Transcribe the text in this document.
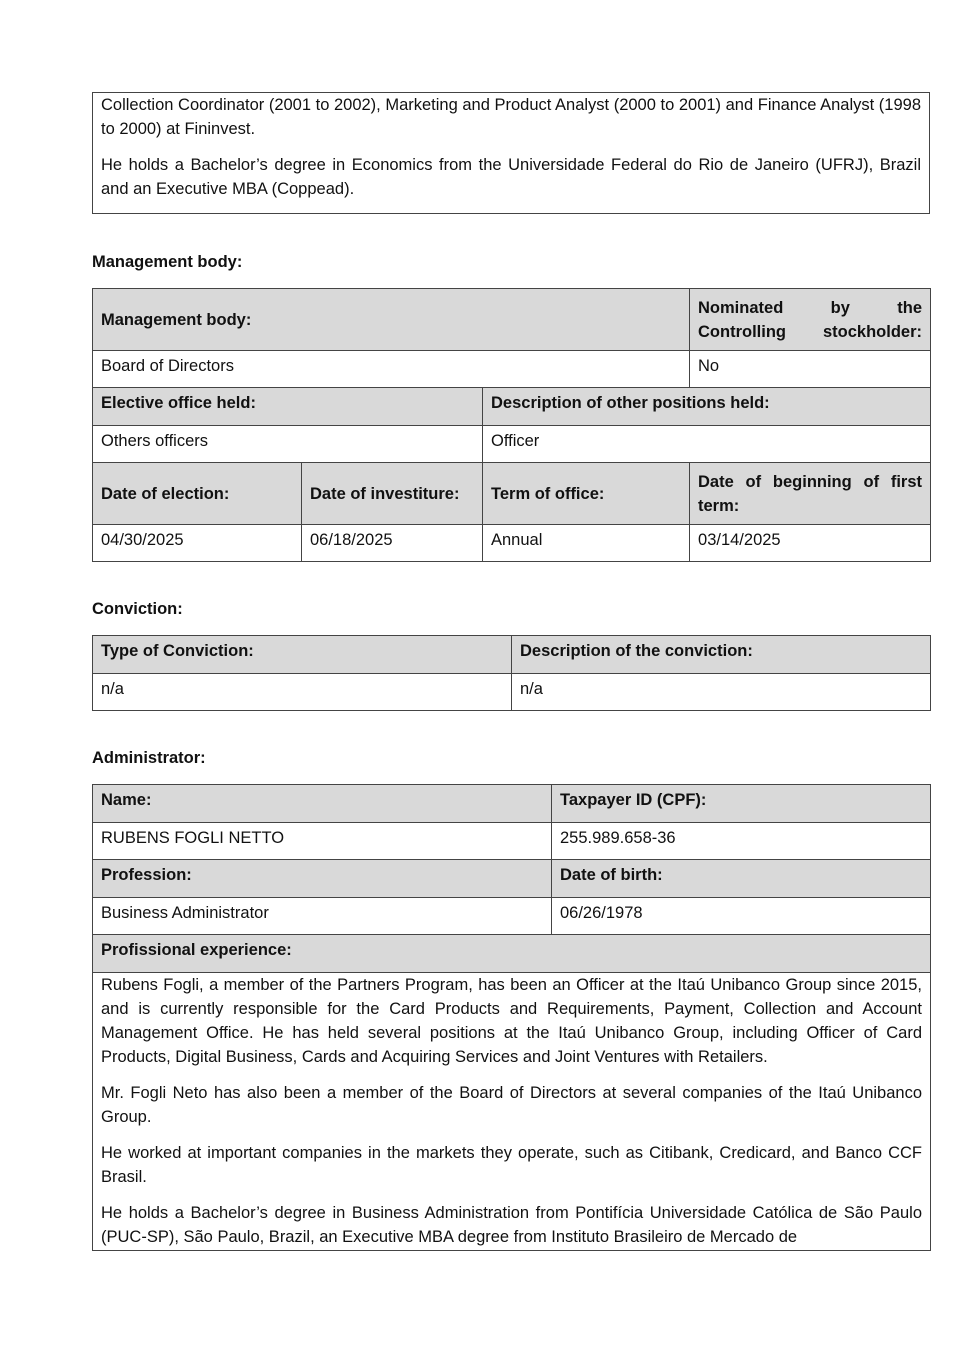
Collection Coordinator (2001 to 2002), Marketing and Product Analyst (2000 to 2001) and Finance Analyst (1998 to 2000) at Fininvest.

He holds a Bachelor’s degree in Economics from the Universidade Federal do Rio de Janeiro (UFRJ), Brazil and an Executive MBA (Coppead).

Management body:
Management body:			Nominated by the Controlling stockholder:
Board of Directors			No
Elective office held:		Description of other positions held:	
Others officers		Officer	
Date of election:	Date of investiture:	Term of office:	Date of beginning of first term:
04/30/2025	06/18/2025	Annual	03/14/2025
Conviction:
Type of Conviction:	Description of the conviction:
n/a	n/a
Administrator:
Name:	Taxpayer ID (CPF):
RUBENS FOGLI NETTO	255.989.658-36
Profession:	Date of birth:
Business Administrator	06/26/1978
Profissional experience:	

Rubens Fogli, a member of the Partners Program, has been an Officer at the Itaú Unibanco Group since 2015, and is currently responsible for the Card Products and Requirements, Payment, Collection and Account Management Office. He has held several positions at the Itaú Unibanco Group, including Officer of Card Products, Digital Business, Cards and Acquiring Services and Joint Ventures with Retailers.

Mr. Fogli Neto has also been a member of the Board of Directors at several companies of the Itaú Unibanco Group.

He worked at important companies in the markets they operate, such as Citibank, Credicard, and Banco CCF Brasil.

He holds a Bachelor’s degree in Business Administration from Pontifícia Universidade Católica de São Paulo (PUC-SP), São Paulo, Brazil, an Executive MBA degree from Instituto Brasileiro de Mercado de	
